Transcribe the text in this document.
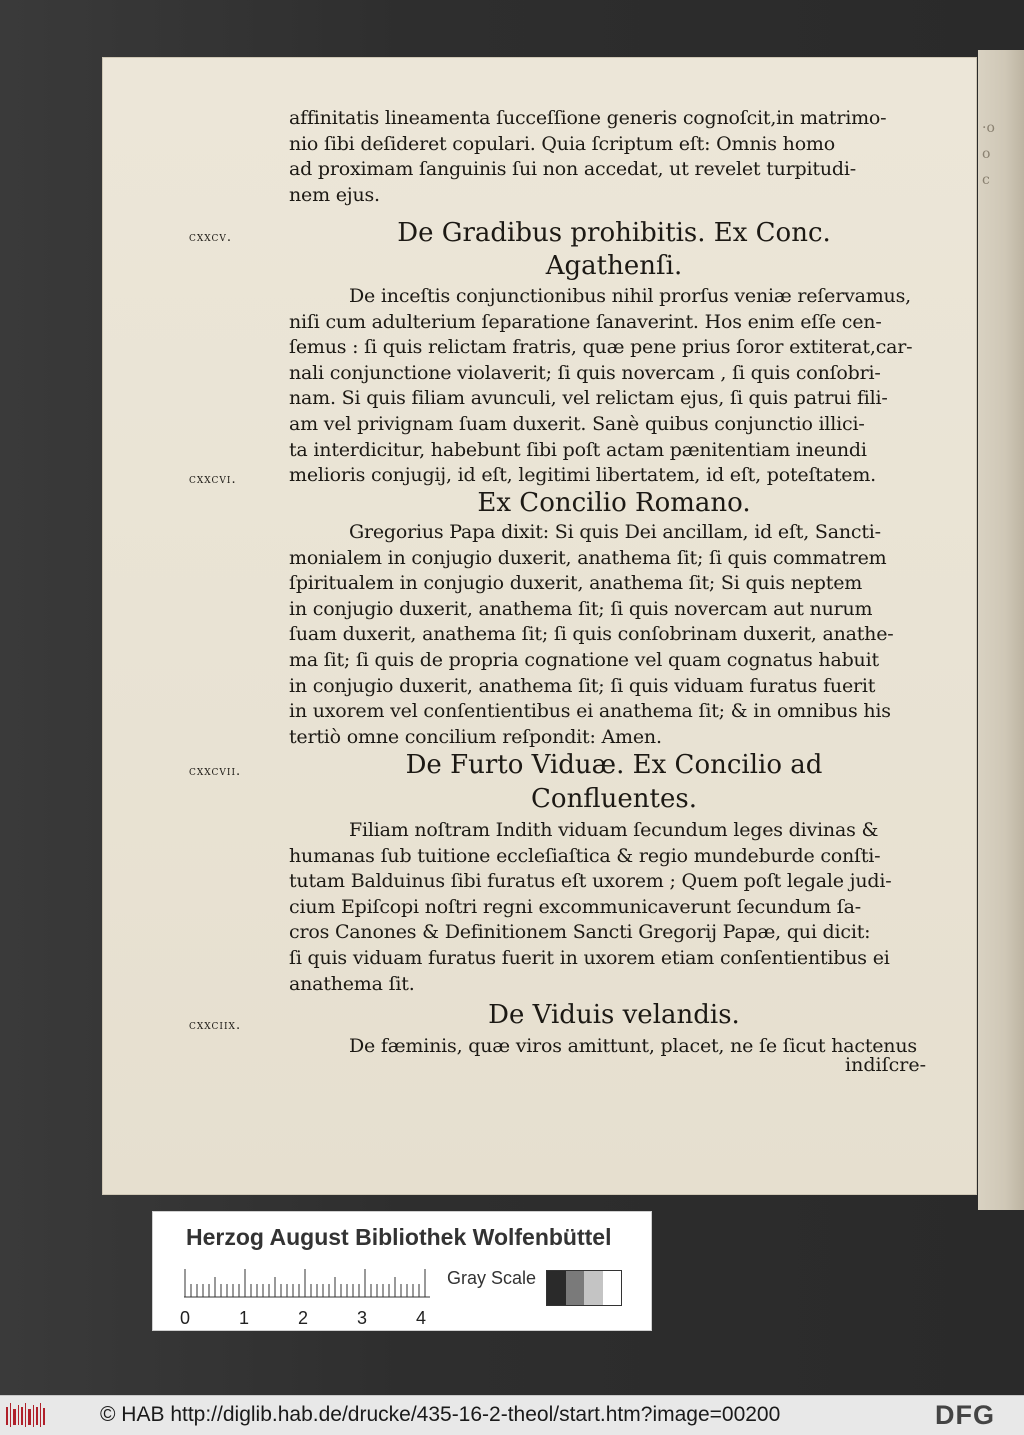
·o
o
c
affinitatis lineamenta ſucceſſione generis cognoſcit,in matrimo-
nio ſibi deſideret copulari. Quia ſcriptum eſt: Omnis homo
ad proximam ſanguinis ſui non accedat, ut revelet turpitudi-
nem ejus.
cxxcv.	De Gradibus prohibitis. Ex Conc.
Agathenſi.
De inceſtis conjunctionibus nihil prorſus veniæ reſervamus,
niſi cum adulterium ſeparatione ſanaverint. Hos enim eſſe cen-
ſemus : ſi quis relictam fratris, quæ pene prius ſoror extiterat,car-
nali conjunctione violaverit; ſi quis novercam , ſi quis conſobri-
nam. Si quis filiam avunculi, vel relictam ejus, ſi quis patrui fili-
am vel privignam ſuam duxerit. Sanè quibus conjunctio illici-
ta interdicitur, habebunt ſibi poſt actam pænitentiam ineundi
melioris conjugij, id eſt, legitimi libertatem, id eſt, poteſtatem.
cxxcvi.
Ex Concilio Romano.
Gregorius Papa dixit: Si quis Dei ancillam, id eſt, Sancti-
monialem in conjugio duxerit, anathema ſit; ſi quis commatrem
ſpiritualem in conjugio duxerit, anathema ſit; Si quis neptem
in conjugio duxerit, anathema ſit; ſi quis novercam aut nurum
ſuam duxerit, anathema ſit; ſi quis conſobrinam duxerit, anathe-
ma ſit; ſi quis de propria cognatione vel quam cognatus habuit
in conjugio duxerit, anathema ſit; ſi quis viduam furatus fuerit
in uxorem vel conſentientibus ei anathema ſit; & in omnibus his
tertiò omne concilium reſpondit: Amen.
cxxcvii.	De Furto Viduæ. Ex Concilio ad
Confluentes.
Filiam noſtram Indith viduam ſecundum leges divinas &
humanas ſub tuitione eccleſiaſtica & regio mundeburde conſti-
tutam Balduinus ſibi furatus eſt uxorem ; Quem poſt legale judi-
cium Epiſcopi noſtri regni excommunicaverunt ſecundum ſa-
cros Canones & Definitionem Sancti Gregorij Papæ, qui dicit:
ſi quis viduam furatus fuerit in uxorem etiam conſentientibus ei
anathema ſit.
cxxciix.	De Viduis velandis.
De fæminis, quæ viros amittunt, placet, ne ſe ſicut hactenus
indiſcre-
Herzog August Bibliothek Wolfenbüttel
0	1	2	3	4
Gray Scale
© HAB http://diglib.hab.de/drucke/435-16-2-theol/start.htm?image=00200	DFG
